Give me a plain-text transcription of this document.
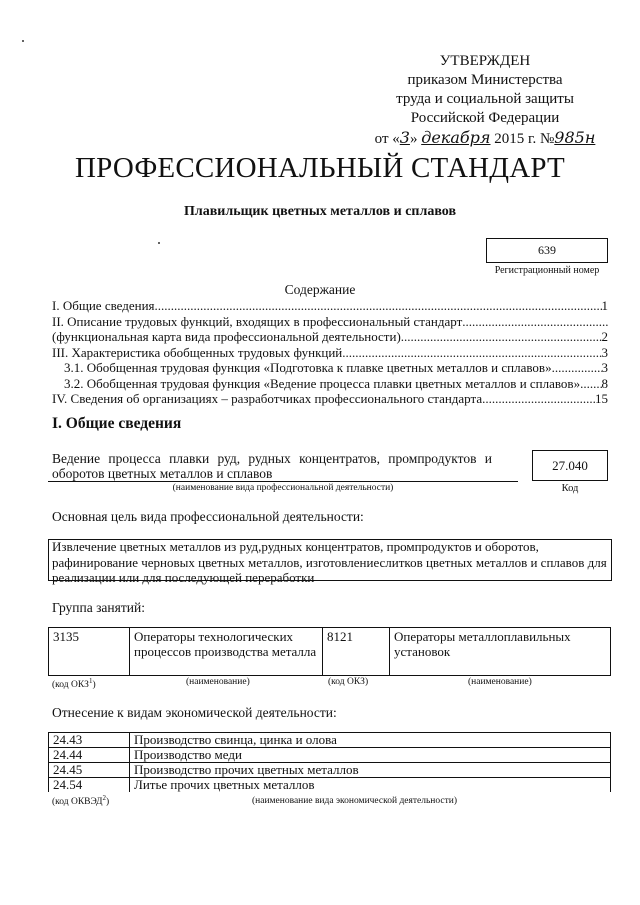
УТВЕРЖДЕН
приказом Министерства
труда и социальной защиты
Российской Федерации
от «3» декабря 2015 г. №985н
ПРОФЕССИОНАЛЬНЫЙ СТАНДАРТ
Плавильщик цветных металлов и сплавов
639
Регистрационный номер
Содержание
I. Общие сведения .....	1
II. Описание трудовых функций, входящих в профессиональный стандарт
.....
(функциональная карта вида профессиональной деятельности) .....	2
III. Характеристика обобщенных трудовых функций .....	3
3.1. Обобщенная трудовая функция «Подготовка к плавке цветных металлов и сплавов» .....	3
3.2. Обобщенная трудовая функция «Ведение процесса плавки цветных металлов и сплавов» ..... 8
IV. Сведения об организациях – разработчиках профессионального стандарта .....	15
I. Общие сведения
Ведение процесса плавки руд, рудных концентратов, промпродуктов и оборотов цветных металлов и сплавов
(наименование вида профессиональной деятельности)
27.040
Код
Основная цель вида профессиональной деятельности:
Извлечение цветных металлов из руд,рудных концентратов, промпродуктов и оборотов, рафинирование черновых цветных металлов, изготовлениеслитков цветных металлов и сплавов для реализации или для последующей переработки
Группа занятий:
3135	Операторы технологических процессов производства металла	8121	Операторы металлоплавильных установок
(код ОКЗ$^1$)	(наименование)	(код ОКЗ)	(наименование)
Отнесение к видам экономической деятельности:
24.43	Производство свинца, цинка и олова
24.44	Производство меди
24.45	Производство прочих цветных металлов
24.54	Литье прочих цветных металлов
(код ОКВЭД$^2$)	(наименование вида экономической деятельности)
